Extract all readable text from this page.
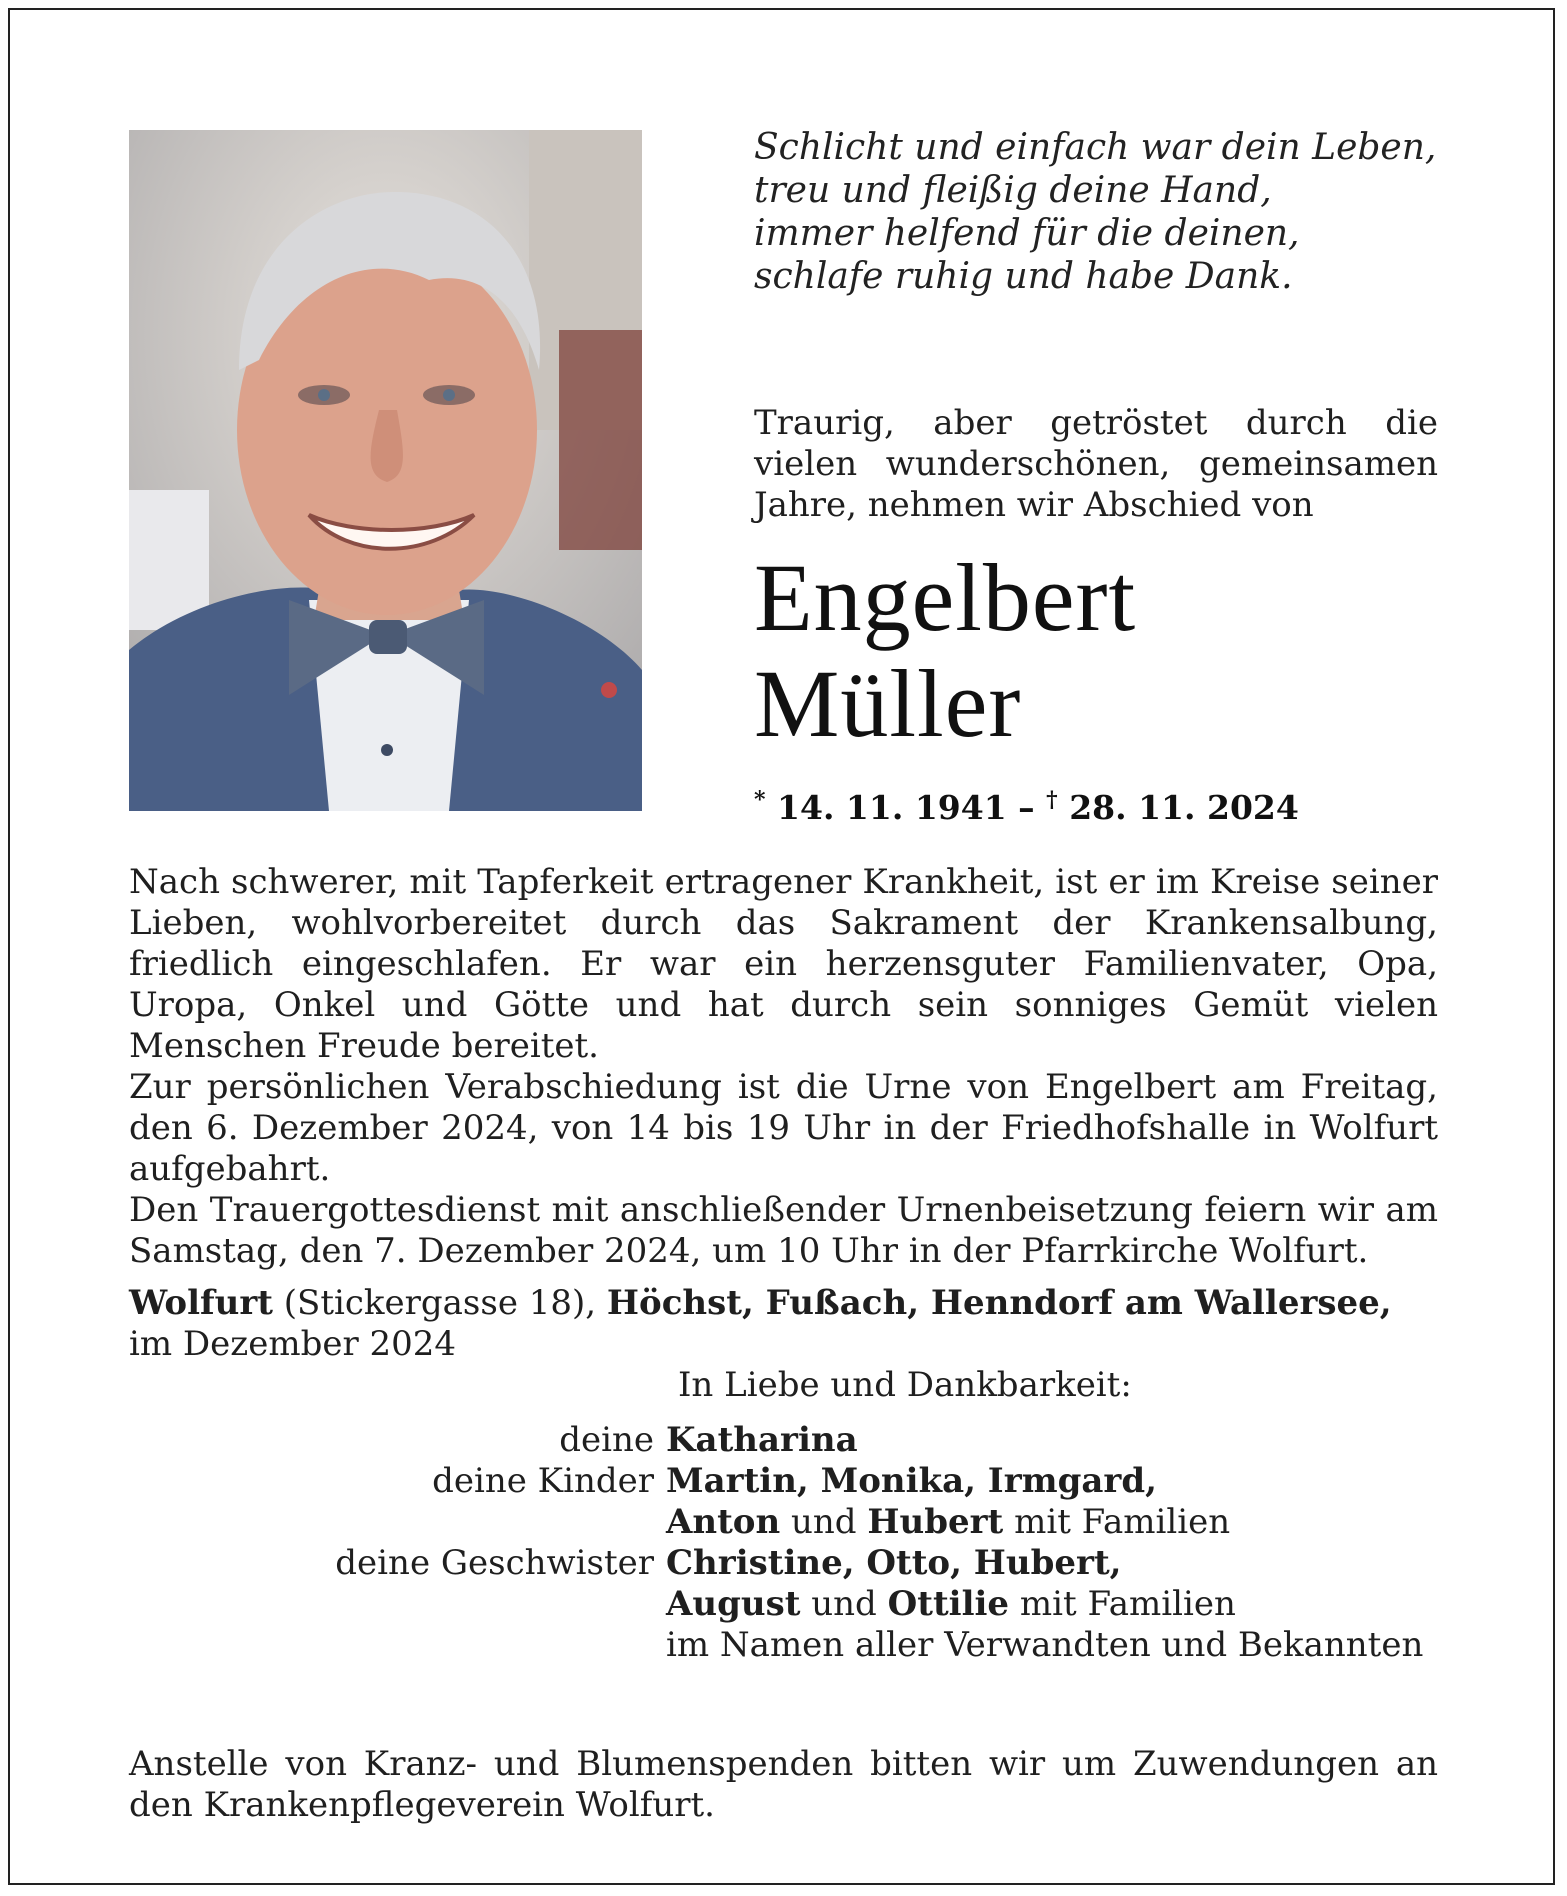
Schlicht und einfach war dein Leben,
treu und fleißig deine Hand,
immer helfend für die deinen,
schlafe ruhig und habe Dank.
Traurig, aber getröstet durch die vielen wunderschönen, gemeinsamen Jahre, nehmen wir Abschied von
Engelbert
Müller
* 14. 11. 1941 – † 28. 11. 2024

Nach schwerer, mit Tapferkeit ertragener Krankheit, ist er im Kreise seiner Lieben, wohlvorbereitet durch das Sakrament der Krankensalbung, friedlich eingeschlafen. Er war ein herzensguter Familienvater, Opa, Uropa, Onkel und Götte und hat durch sein sonniges Gemüt vielen Menschen Freude bereitet.

Zur persönlichen Verabschiedung ist die Urne von Engelbert am Freitag, den 6. Dezember 2024, von 14 bis 19 Uhr in der Friedhofshalle in Wolfurt aufgebahrt.

Den Trauergottesdienst mit anschließender Urnenbeisetzung feiern wir am Samstag, den 7. Dezember 2024, um 10 Uhr in der Pfarrkirche Wolfurt.

Wolfurt (Stickergasse 18), Höchst, Fußach, Henndorf am Wallersee,
im Dezember 2024
In Liebe und Dankbarkeit:
deine Katharina
deine Kinder Martin, Monika, Irmgard,
Anton und Hubert mit Familien
deine Geschwister Christine, Otto, Hubert,
August und Ottilie mit Familien
im Namen aller Verwandten und Bekannten
Anstelle von Kranz- und Blumenspenden bitten wir um Zuwendungen an den Krankenpflegeverein Wolfurt.
